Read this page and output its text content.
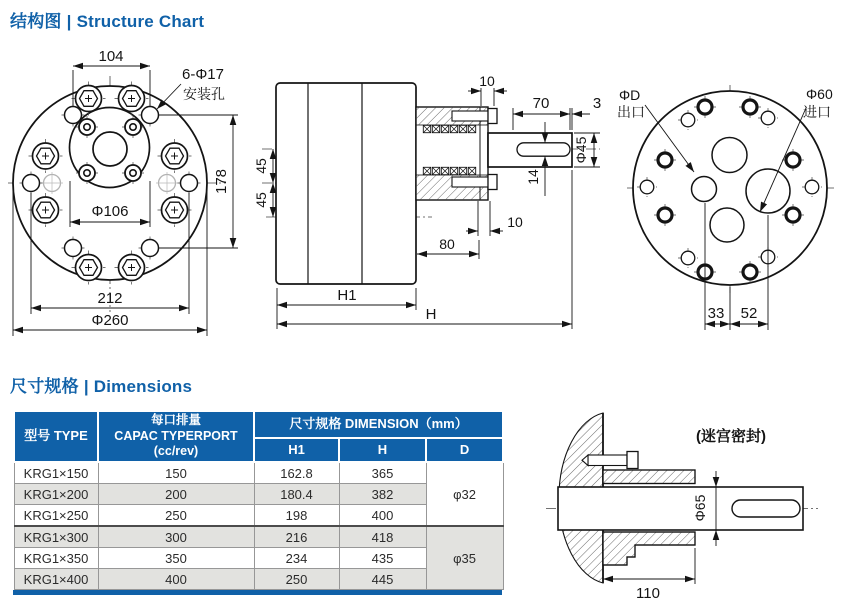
结构图 | Structure Chart
104
6-Φ17
安装孔
178
Φ106
212
Φ260
45
45
10
70	3
Φ45
14
10
80
H1
H
ΦD
出口
Φ60
进口
33 52
尺寸规格 | Dimensions
型号 TYPE	每口排量
CAPAC TYPERPORT
(cc/rev)	尺寸规格 DIMENSION（mm）		
		H1	H	D
KRG1×150	150	162.8	365	φ32
KRG1×200	200	180.4	382	
KRG1×250	250	198	400	
KRG1×300	300	216	418	φ35
KRG1×350	350	234	435	
KRG1×400	400	250	445	
Φ65
110
(迷宫密封)
